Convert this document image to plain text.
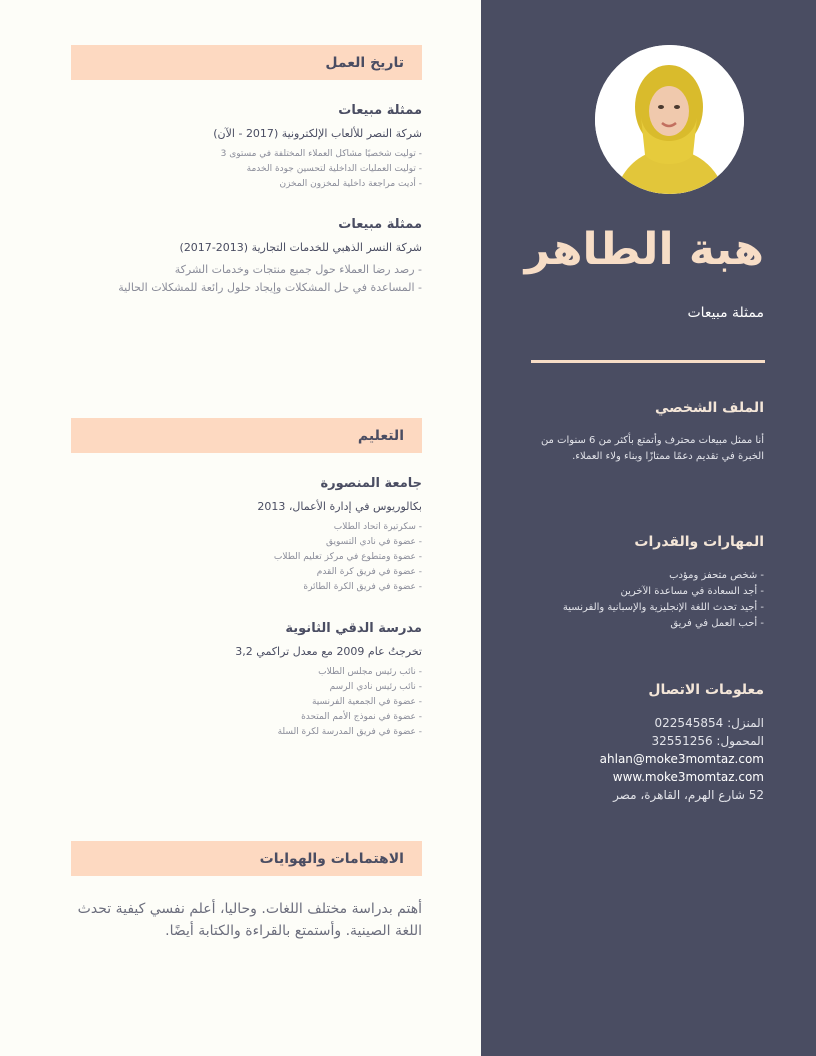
هبة الطاهر
ممثلة مبيعات
الملف الشخصي
أنا ممثل مبيعات محترف وأتمتع بأكثر من 6 سنوات من الخبرة في تقديم دعمًا ممتازًا وبناء ولاء العملاء.
المهارات والقدرات
- شخص متحفز ومؤدب
- أجد السعادة في مساعدة الآخرين
- أجيد تحدث اللغة الإنجليزية والإسبانية والفرنسية
- أحب العمل في فريق
معلومات الاتصال
المنزل: 022545854
المحمول: 32551256
ahlan@moke3momtaz.com
www.moke3momtaz.com
52 شارع الهرم، القاهرة، مصر
تاريخ العمل
ممثلة مبيعات
شركة النصر للألعاب الإلكترونية (2017 - الآن)
- توليت شخصيًا مشاكل العملاء المختلفة في مستوى 3
- توليت العمليات الداخلية لتحسين جودة الخدمة
- أديت مراجعة داخلية لمخزون المخزن
ممثلة مبيعات
شركة النسر الذهبي للخدمات التجارية (2013-2017)
- رصد رضا العملاء حول جميع منتجات وخدمات الشركة
- المساعدة في حل المشكلات وإيجاد حلول رائعة للمشكلات الحالية
التعليم
جامعة المنصورة
بكالوريوس في إدارة الأعمال، 2013
- سكرتيرة اتحاد الطلاب
- عضوة في نادي التسويق
- عضوة ومتطوع في مركز تعليم الطلاب
- عضوة في فريق كرة القدم
- عضوة في فريق الكرة الطائرة
مدرسة الدقي الثانوية
تخرجتُ عام 2009 مع معدل تراكمي 3,2
- نائب رئيس مجلس الطلاب
- نائب رئيس نادي الرسم
- عضوة في الجمعية الفرنسية
- عضوة في نموذج الأمم المتحدة
- عضوة في فريق المدرسة لكرة السلة
الاهتمامات والهوايات
أهتم بدراسة مختلف اللغات. وحاليا، أعلم نفسي كيفية تحدث اللغة الصينية. وأستمتع بالقراءة والكتابة أيضًا.
